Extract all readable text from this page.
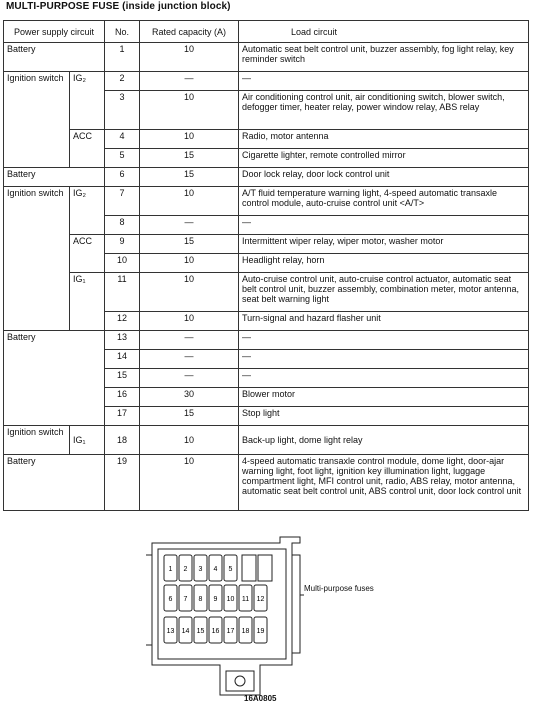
MULTI-PURPOSE FUSE (inside junction block)
Power supply circuit		No.	Rated capacity (A)	Load circuit
Battery		1	10	Automatic seat belt control unit, buzzer assembly, fog light relay, key reminder switch
Ignition switch	IG₂	2	—	—
		3	10	Air conditioning control unit, air conditioning switch, blower switch, defogger timer, heater relay, power window relay, ABS relay
	ACC	4	10	Radio, motor antenna
		5	15	Cigarette lighter, remote controlled mirror
Battery		6	15	Door lock relay, door lock control unit
Ignition switch	IG₂	7	10	A/T fluid temperature warning light, 4-speed automatic transaxle control module, auto-cruise control unit <A/T>
		8	—	—
	ACC	9	15	Intermittent wiper relay, wiper motor, washer motor
		10	10	Headlight relay, horn
	IG₁	11	10	Auto-cruise control unit, auto-cruise control actuator, automatic seat belt control unit, buzzer assembly, combination meter, motor antenna, seat belt warning light
		12	10	Turn-signal and hazard flasher unit
Battery		13	—	—
		14	—	—
		15	—	—
		16	30	Blower motor
		17	15	Stop light
Ignition switch	IG₁	18	10	Back-up light, dome light relay
Battery		19	10	4-speed automatic transaxle control module, dome light, door-ajar warning light, foot light, ignition key illumination light, luggage compartment light, MFI control unit, radio, ABS relay, motor antenna, automatic seat belt control unit, ABS control unit, door lock control unit
1 2 3 4 5
6 7 8 9 10 11 12
13 14 15 16 17 18 19
Multi-purpose fuses
16A0805
